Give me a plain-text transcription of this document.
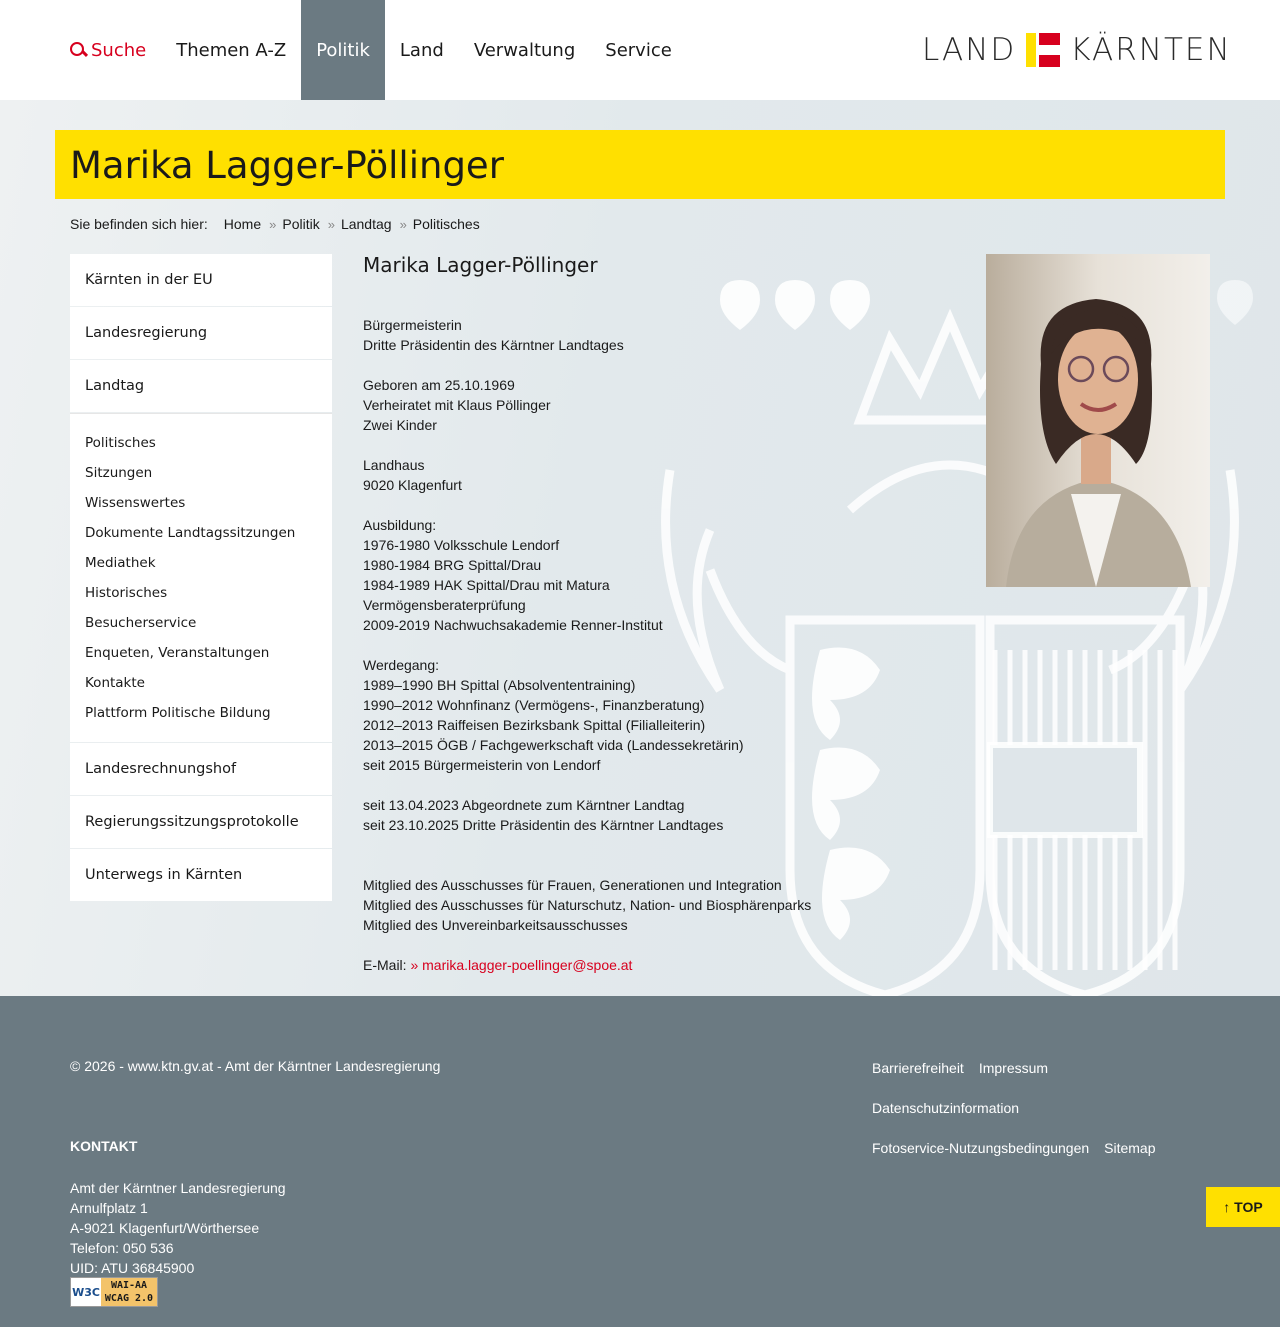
Suche	Themen A-Z	Politik	Land	Verwaltung	Service	LAND KÄRNTEN
Marika Lagger-Pöllinger
Sie befinden sich hier: Home » Politik » Landtag » Politisches
Kärnten in der EU
Landesregierung
Landtag
Politisches
Sitzungen
Wissenswertes
Dokumente Landtagssitzungen
Mediathek
Historisches
Besucherservice
Enqueten, Veranstaltungen
Kontakte
Plattform Politische Bildung
Landesrechnungshof
Regierungssitzungsprotokolle
Unterwegs in Kärnten
Marika Lagger-Pöllinger
Bürgermeisterin
Dritte Präsidentin des Kärntner Landtages
Geboren am 25.10.1969
Verheiratet mit Klaus Pöllinger
Zwei Kinder
Landhaus
9020 Klagenfurt
Ausbildung:
1976-1980 Volksschule Lendorf
1980-1984 BRG Spittal/Drau
1984-1989 HAK Spittal/Drau mit Matura
Vermögensberaterprüfung
2009-2019 Nachwuchsakademie Renner-Institut
Werdegang:
1989–1990 BH Spittal (Absolvententraining)
1990–2012 Wohnfinanz (Vermögens-, Finanzberatung)
2012–2013 Raiffeisen Bezirksbank Spittal (Filialleiterin)
2013–2015 ÖGB / Fachgewerkschaft vida (Landessekretärin)
seit 2015 Bürgermeisterin von Lendorf
seit 13.04.2023 Abgeordnete zum Kärntner Landtag
seit 23.10.2025 Dritte Präsidentin des Kärntner Landtages
Mitglied des Ausschusses für Frauen, Generationen und Integration
Mitglied des Ausschusses für Naturschutz, Nation- und Biosphärenparks
Mitglied des Unvereinbarkeitsausschusses
E-Mail: » marika.lagger-poellinger@spoe.at
© 2026 - www.ktn.gv.at - Amt der Kärntner Landesregierung	Barrierefreiheit Impressum
Datenschutzinformation
Fotoservice-Nutzungsbedingungen Sitemap
KONTAKT
Amt der Kärntner Landesregierung
Arnulfplatz 1
A-9021 Klagenfurt/Wörthersee
Telefon: 050 536
UID: ATU 36845900
W3C	WAI-AA
WCAG 2.0
↑ TOP
